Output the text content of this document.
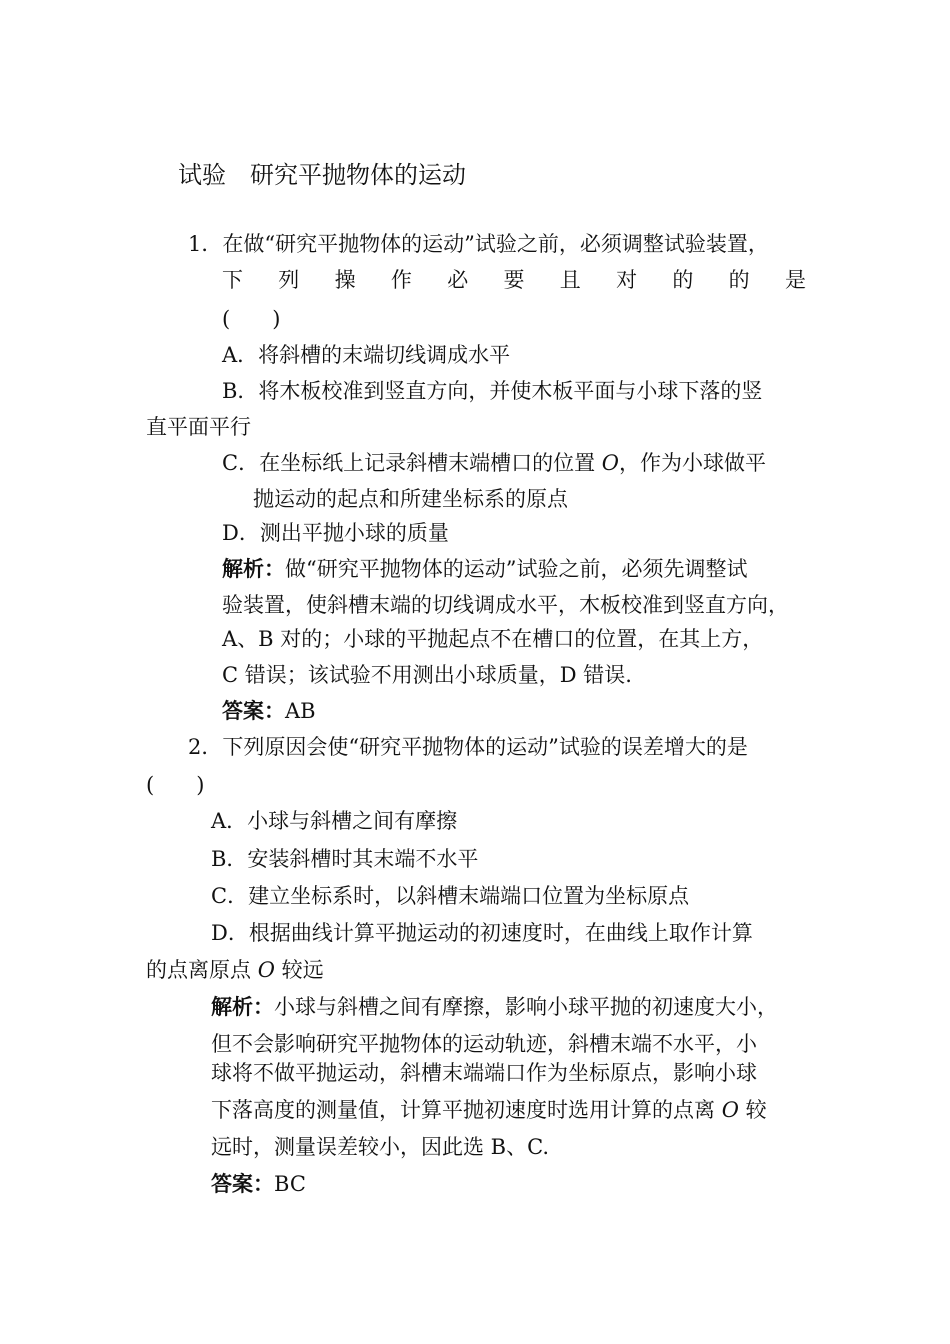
试验　研究平抛物体的运动
1．在做“研究平抛物体的运动”试验之前，必须调整试验装置，
下 列 操 作 必 要 且 对 的 的 是
(　　)
A．将斜槽的末端切线调成水平
B．将木板校准到竖直方向，并使木板平面与小球下落的竖
直平面平行
C．在坐标纸上记录斜槽末端槽口的位置 O，作为小球做平
抛运动的起点和所建坐标系的原点
D．测出平抛小球的质量
解析：做“研究平抛物体的运动”试验之前，必须先调整试
验装置，使斜槽末端的切线调成水平，木板校准到竖直方向，
A、B 对的；小球的平抛起点不在槽口的位置，在其上方，
C 错误；该试验不用测出小球质量，D 错误.
答案：AB
2．下列原因会使“研究平抛物体的运动”试验的误差增大的是
(　　)
A．小球与斜槽之间有摩擦
B．安装斜槽时其末端不水平
C．建立坐标系时，以斜槽末端端口位置为坐标原点
D．根据曲线计算平抛运动的初速度时，在曲线上取作计算
的点离原点 O 较远
解析：小球与斜槽之间有摩擦，影响小球平抛的初速度大小，
但不会影响研究平抛物体的运动轨迹，斜槽末端不水平，小
球将不做平抛运动，斜槽末端端口作为坐标原点，影响小球
下落高度的测量值，计算平抛初速度时选用计算的点离 O 较
远时，测量误差较小，因此选 B、C.
答案：BC
